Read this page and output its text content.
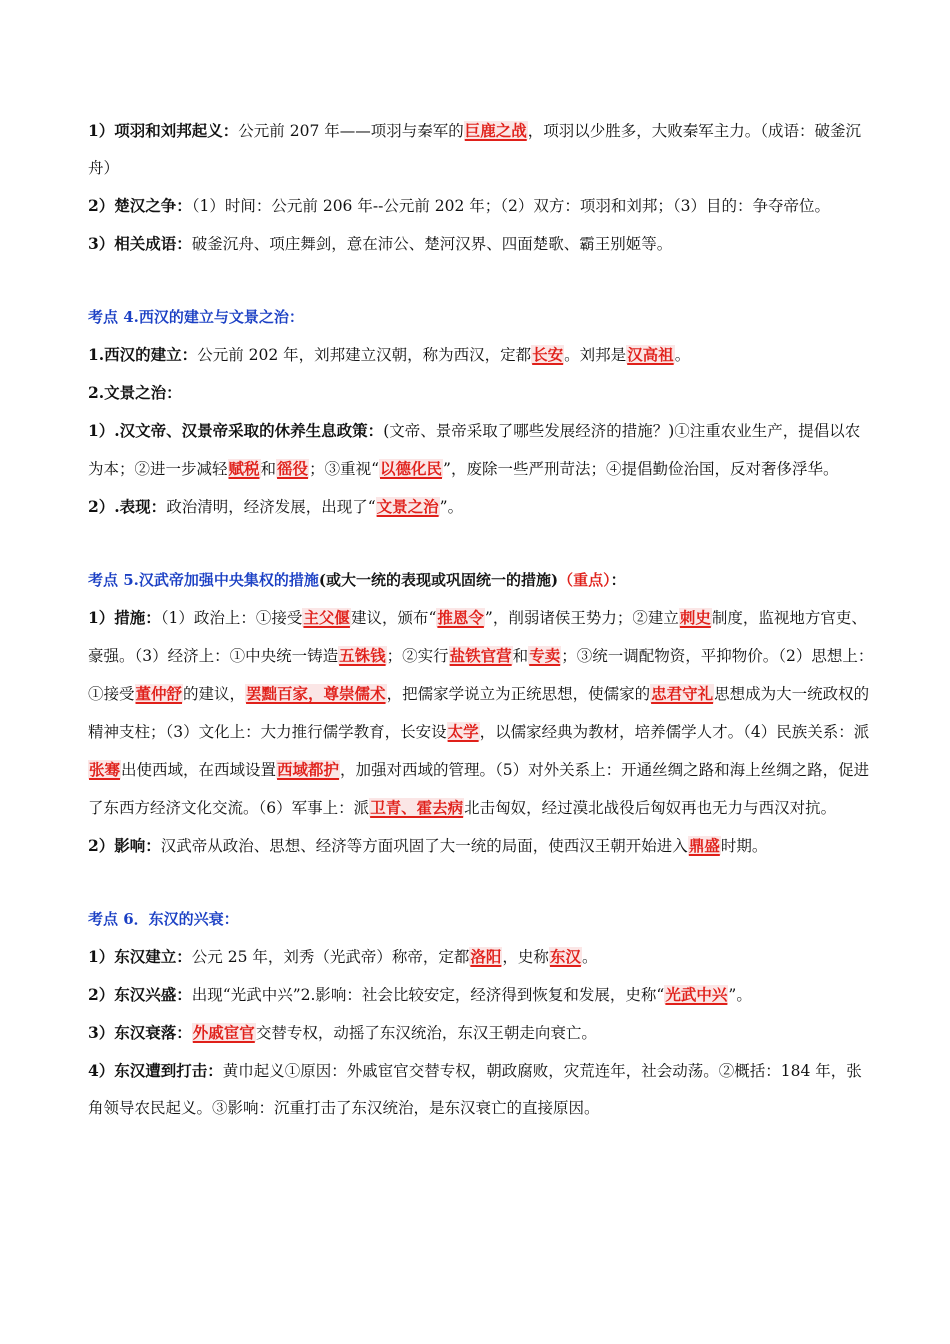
1）项羽和刘邦起义：公元前 207 年——项羽与秦军的巨鹿之战，项羽以少胜多，大败秦军主力。（成语：破釜沉舟）

2）楚汉之争：（1）时间：公元前 206 年--公元前 202 年；（2）双方：项羽和刘邦；（3）目的：争夺帝位。

3）相关成语：破釜沉舟、项庄舞剑，意在沛公、楚河汉界、四面楚歌、霸王别姬等。

考点 4.西汉的建立与文景之治：

1.西汉的建立：公元前 202 年，刘邦建立汉朝，称为西汉，定都长安。刘邦是汉高祖。

2.文景之治：

1）.汉文帝、汉景帝采取的休养生息政策：(文帝、景帝采取了哪些发展经济的措施？)①注重农业生产，提倡以农为本；②进一步减轻赋税和徭役；③重视“以德化民”，废除一些严刑苛法；④提倡勤俭治国，反对奢侈浮华。

2）.表现：政治清明，经济发展，出现了“文景之治”。

考点 5.汉武帝加强中央集权的措施(或大一统的表现或巩固统一的措施)（重点）：

1）措施：（1）政治上：①接受主父偃建议，颁布“推恩令”，削弱诸侯王势力；②建立刺史制度，监视地方官吏、豪强。（3）经济上：①中央统一铸造五铢钱；②实行盐铁官营和专卖；③统一调配物资，平抑物价。（2）思想上：①接受董仲舒的建议，罢黜百家，尊崇儒术，把儒家学说立为正统思想，使儒家的忠君守礼思想成为大一统政权的精神支柱；（3）文化上：大力推行儒学教育，长安设太学，以儒家经典为教材，培养儒学人才。（4）民族关系：派张骞出使西域，在西域设置西域都护，加强对西域的管理。（5）对外关系上：开通丝绸之路和海上丝绸之路，促进了东西方经济文化交流。（6）军事上：派卫青、霍去病北击匈奴，经过漠北战役后匈奴再也无力与西汉对抗。

2）影响：汉武帝从政治、思想、经济等方面巩固了大一统的局面，使西汉王朝开始进入鼎盛时期。

考点 6．东汉的兴衰：

1）东汉建立：公元 25 年，刘秀（光武帝）称帝，定都洛阳，史称东汉。

2）东汉兴盛：出现“光武中兴”2.影响：社会比较安定，经济得到恢复和发展，史称“光武中兴”。

3）东汉衰落：外戚宦官交替专权，动摇了东汉统治，东汉王朝走向衰亡。

4）东汉遭到打击：黄巾起义①原因：外戚宦官交替专权，朝政腐败，灾荒连年，社会动荡。②概括：184 年，张角领导农民起义。③影响：沉重打击了东汉统治，是东汉衰亡的直接原因。
